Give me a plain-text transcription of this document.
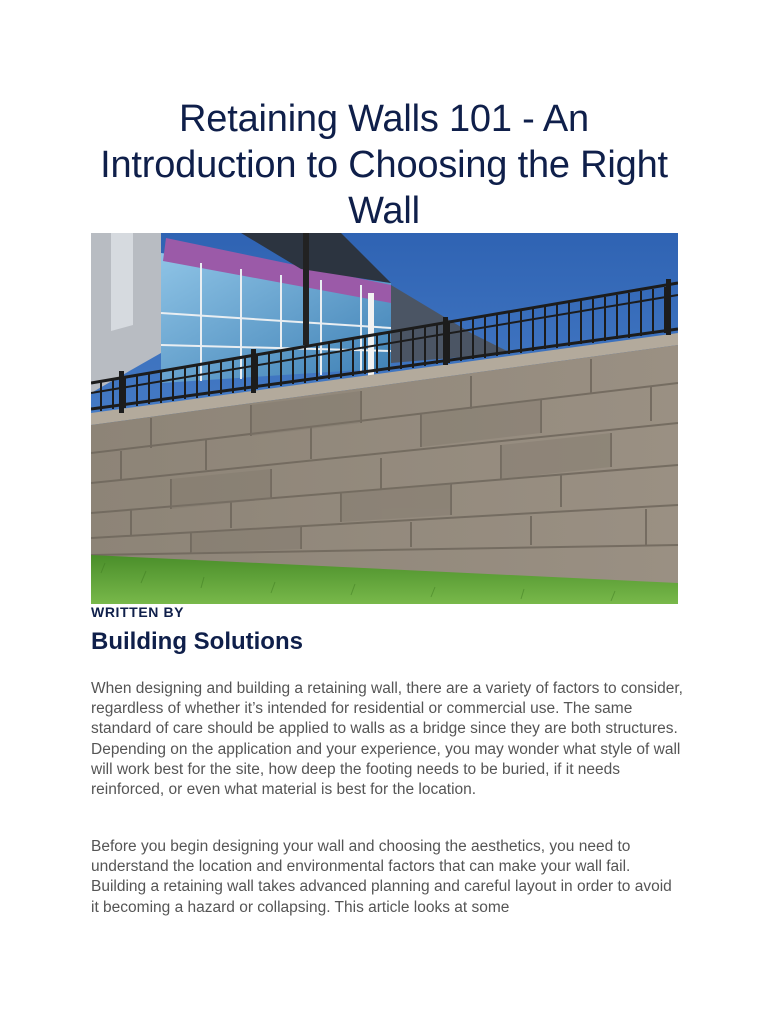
Retaining Walls 101 - An Introduction to Choosing the Right Wall
WRITTEN BY
Building Solutions

When designing and building a retaining wall, there are a variety of factors to consider, regardless of whether it’s intended for residential or commercial use. The same standard of care should be applied to walls as a bridge since they are both structures. Depending on the application and your experience, you may wonder what style of wall will work best for the site, how deep the footing needs to be buried, if it needs reinforced, or even what material is best for the location.

Before you begin designing your wall and choosing the aesthetics, you need to understand the location and environmental factors that can make your wall fail. Building a retaining wall takes advanced planning and careful layout in order to avoid it becoming a hazard or collapsing. This article looks at some
